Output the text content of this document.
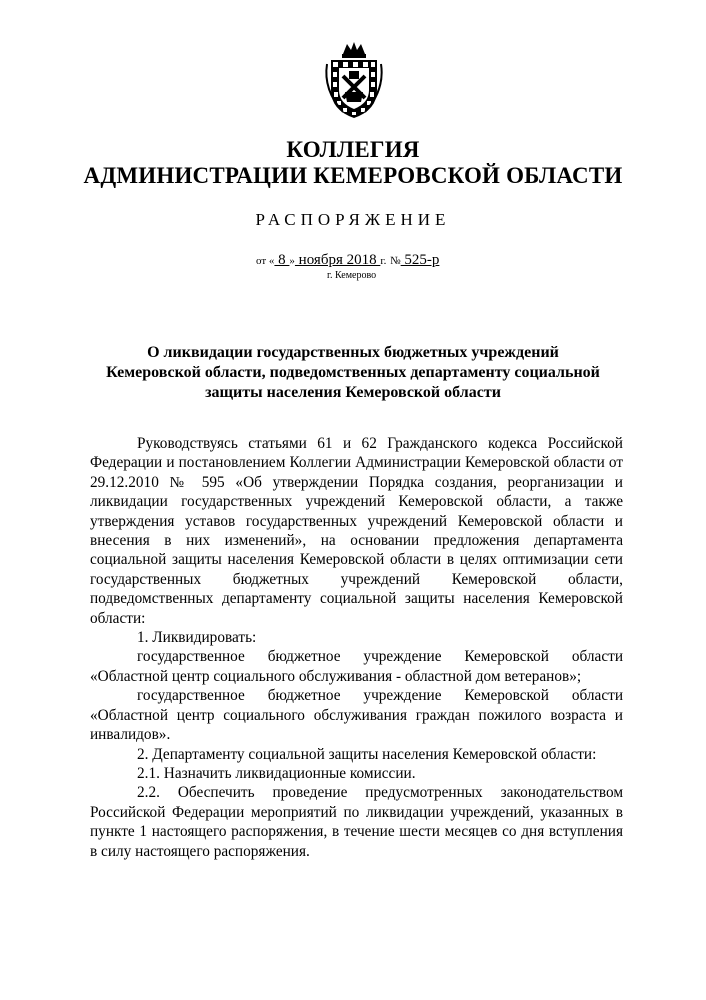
КОЛЛЕГИЯ
АДМИНИСТРАЦИИ КЕМЕРОВСКОЙ ОБЛАСТИ
РАСПОРЯЖЕНИЕ
от « 8 » ноября 2018 г. № 525-р
г. Кемерово
О ликвидации государственных бюджетных учреждений
Кемеровской области, подведомственных департаменту социальной
защиты населения Кемеровской области

Руководствуясь статьями 61 и 62 Гражданского кодекса Российской Федерации и постановлением Коллегии Администрации Кемеровской области от 29.12.2010 № 595 «Об утверждении Порядка создания, реорганизации и ликвидации государственных учреждений Кемеровской области, а также утверждения уставов государственных учреждений Кемеровской области и внесения в них изменений», на основании предложения департамента социальной защиты населения Кемеровской области в целях оптимизации сети государственных бюджетных учреждений Кемеровской области, подведомственных департаменту социальной защиты населения Кемеровской области:

1. Ликвидировать:

государственное бюджетное учреждение Кемеровской области «Областной центр социального обслуживания - областной дом ветеранов»;

государственное бюджетное учреждение Кемеровской области «Областной центр социального обслуживания граждан пожилого возраста и инвалидов».

2. Департаменту социальной защиты населения Кемеровской области:

2.1. Назначить ликвидационные комиссии.

2.2. Обеспечить проведение предусмотренных законодательством Российской Федерации мероприятий по ликвидации учреждений, указанных в пункте 1 настоящего распоряжения, в течение шести месяцев со дня вступления в силу настоящего распоряжения.
